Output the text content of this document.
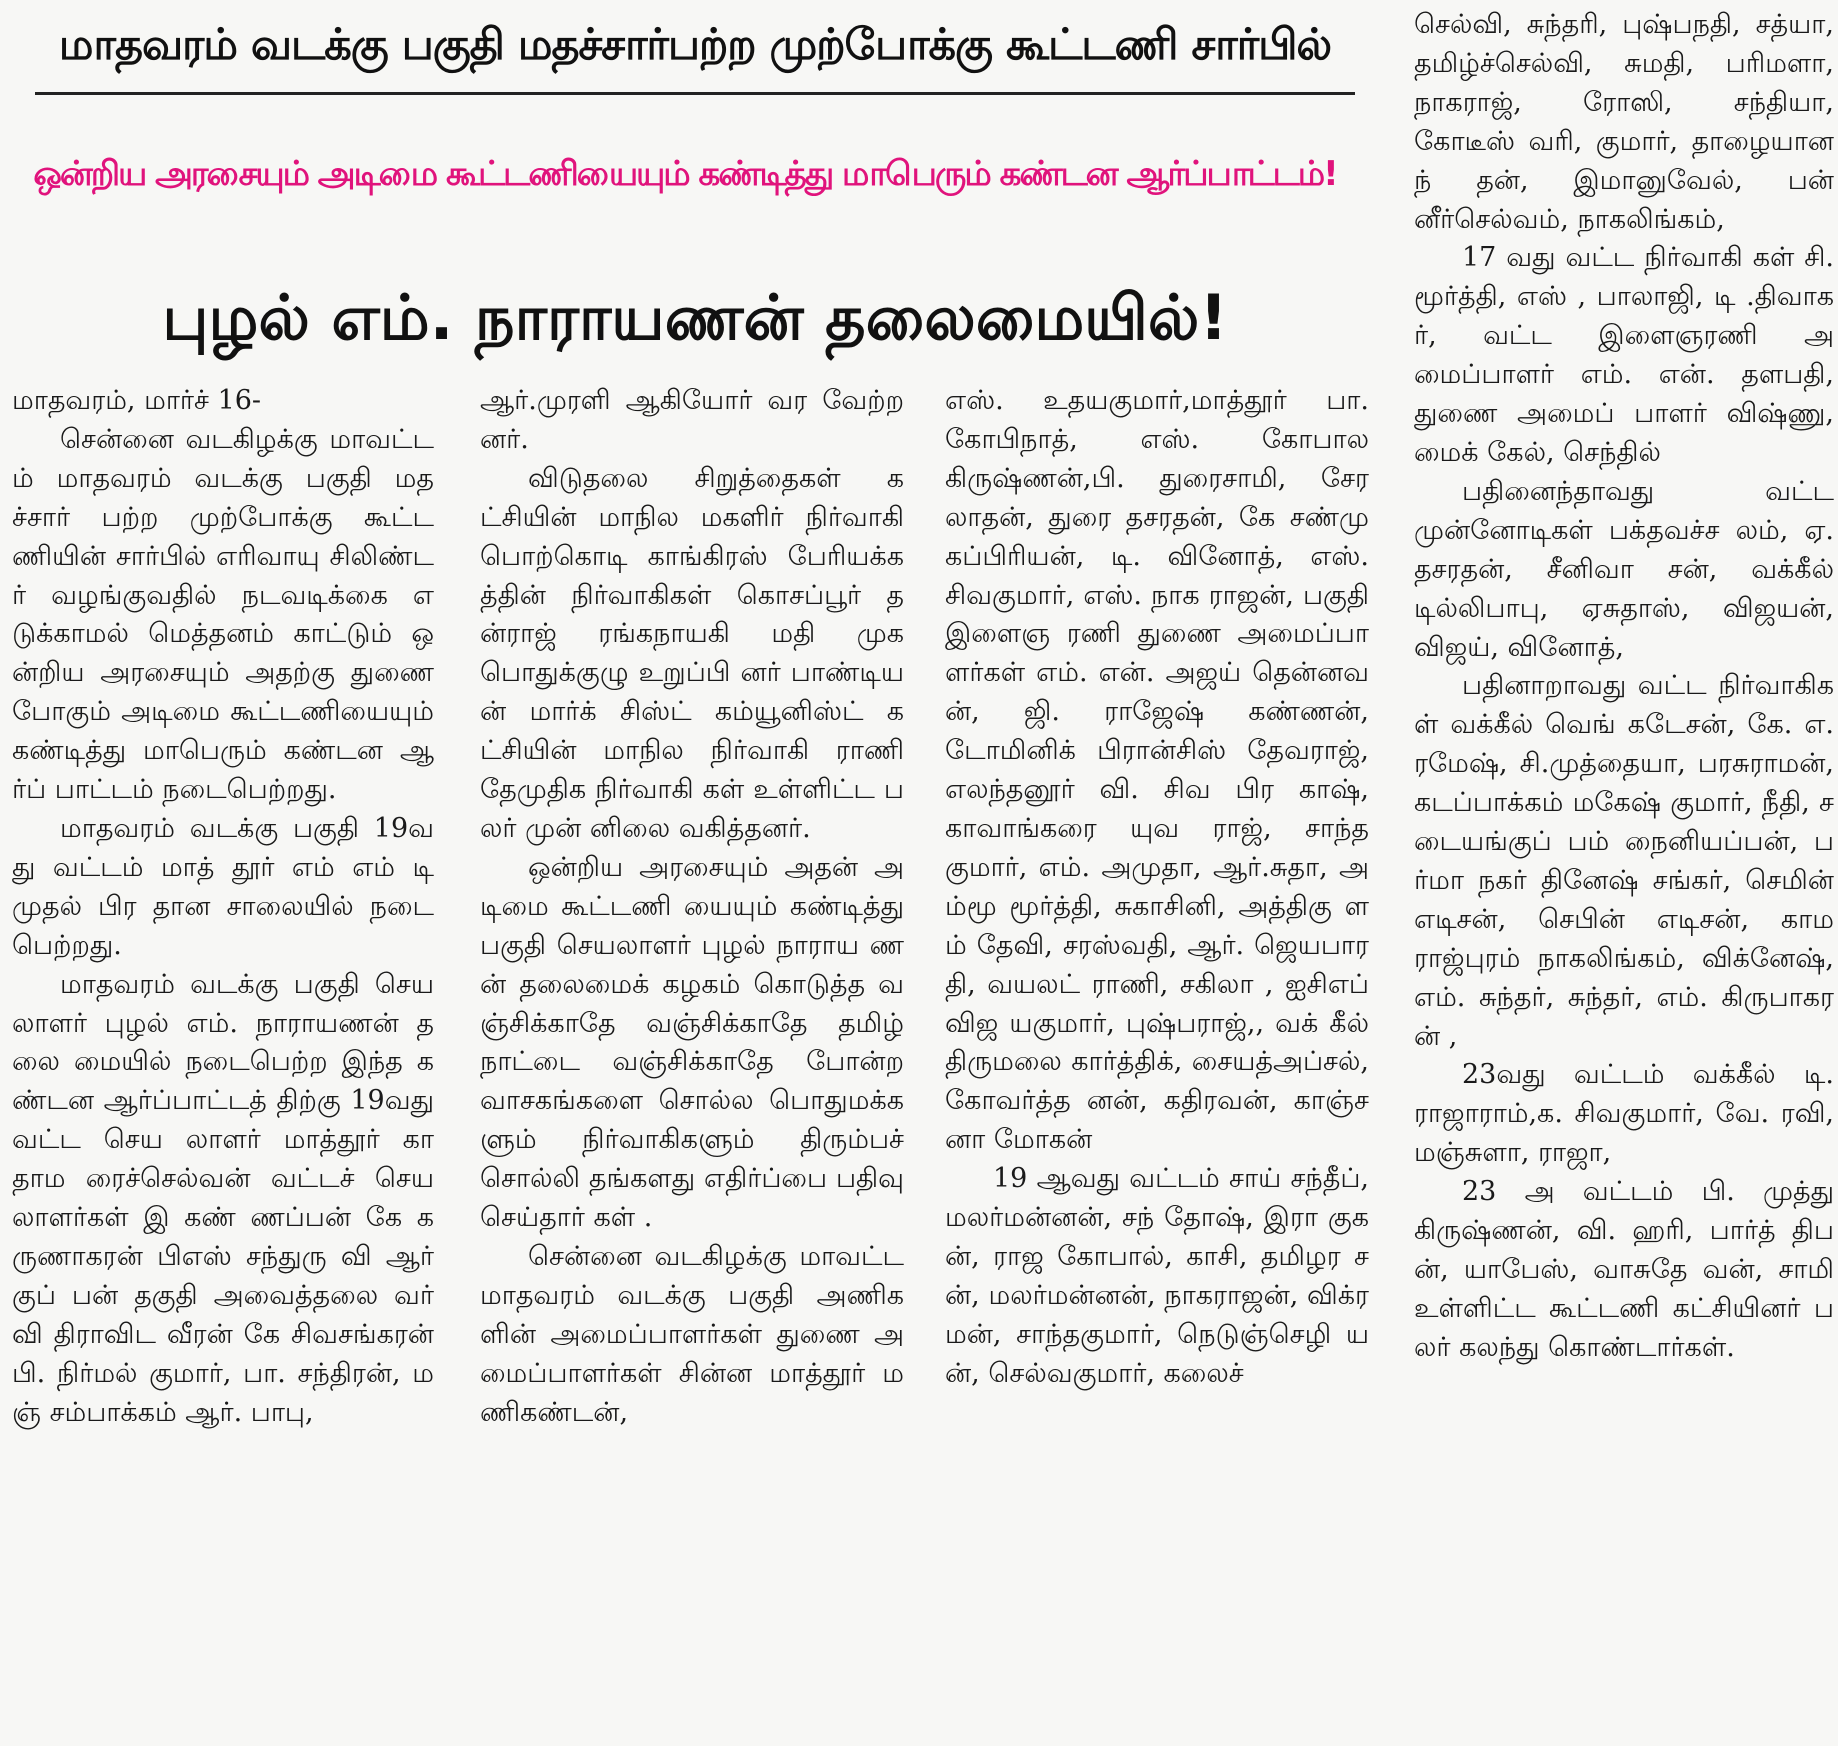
மாதவரம் வடக்கு பகுதி மதச்சார்பற்ற முற்போக்கு கூட்டணி சார்பில்
ஒன்றிய அரசையும் அடிமை கூட்டணியையும் கண்டித்து மாபெரும் கண்டன ஆர்ப்பாட்டம்!
புழல் எம். நாராயணன் தலைமையில்!

மாதவரம், மார்ச் 16-

சென்னை வடகிழக்கு மாவட்டம் மாதவரம் வடக்கு பகுதி மதச்சார் பற்ற முற்போக்கு கூட்டணியின் சார்பில் எரிவாயு சிலிண்டர் வழங்குவதில் நடவடிக்கை எடுக்காமல் மெத்தனம் காட்டும் ஒன்றிய அரசையும் அதற்கு துணை போகும் அடிமை கூட்டணியையும் கண்டித்து மாபெரும் கண்டன ஆர்ப் பாட்டம் நடைபெற்றது.

மாதவரம் வடக்கு பகுதி 19வது வட்டம் மாத் தூர் எம் எம் டி முதல் பிர தான சாலையில் நடை பெற்றது.

மாதவரம் வடக்கு பகுதி செயலாளர் புழல் எம். நாராயணன் தலை மையில் நடைபெற்ற இந்த கண்டன ஆர்ப்பாட்டத் திற்கு 19வது வட்ட செய லாளர் மாத்தூர் கா தாம ரைச்செல்வன் வட்டச் செயலாளர்கள் இ கண் ணப்பன் கே கருணாகரன் பிஎஸ் சந்துரு வி ஆர் குப் பன் தகுதி அவைத்தலை வர் வி திராவிட வீரன் கே சிவசங்கரன் பி. நிர்மல் குமார், பா. சந்திரன், மஞ் சம்பாக்கம் ஆர். பாபு,

ஆர்.முரளி ஆகியோர் வர வேற்றனர்.

விடுதலை சிறுத்தைகள் கட்சியின் மாநில மகளிர் நிர்வாகி பொற்கொடி காங்கிரஸ் பேரியக்கத்தின் நிர்வாகிகள் கொசப்பூர் தன்ராஜ் ரங்கநாயகி மதி முக பொதுக்குழு உறுப்பி னர் பாண்டியன் மார்க் சிஸ்ட் கம்யூனிஸ்ட் கட்சியின் மாநில நிர்வாகி ராணி தேமுதிக நிர்வாகி கள் உள்ளிட்ட பலர் முன் னிலை வகித்தனர்.

ஒன்றிய அரசையும் அதன் அடிமை கூட்டணி யையும் கண்டித்து பகுதி செயலாளர் புழல் நாராய ணன் தலைமைக் கழகம் கொடுத்த வஞ்சிக்காதே வஞ்சிக்காதே தமிழ் நாட்டை வஞ்சிக்காதே போன்ற வாசகங்களை சொல்ல பொதுமக்களும் நிர்வாகிகளும் திரும்பச் சொல்லி தங்களது எதிர்ப்பை பதிவு செய்தார் கள் .

சென்னை வடகிழக்கு மாவட்ட மாதவரம் வடக்கு பகுதி அணிகளின் அமைப்பாளர்கள் துணை அமைப்பாளர்கள் சின்ன மாத்தூர் மணிகண்டன்,

எஸ். உதயகுமார்,மாத்தூர் பா. கோபிநாத், எஸ். கோபாலகிருஷ்ணன்,பி. துரைசாமி, சேரலாதன், துரை தசரதன், கே சண்மு கப்பிரியன், டி. வினோத், எஸ். சிவகுமார், எஸ். நாக ராஜன், பகுதி இளைஞ ரணி துணை அமைப்பா ளர்கள் எம். என். அஜய் தென்னவன், ஜி. ராஜேஷ் கண்ணன், டோமினிக் பிரான்சிஸ் தேவராஜ், எலந்தனூர் வி. சிவ பிர காஷ், காவாங்கரை யுவ ராஜ், சாந்தகுமார், எம். அமுதா, ஆர்.சுதா, அம்மூ மூர்த்தி, சுகாசினி, அத்திகு ளம் தேவி, சரஸ்வதி, ஆர். ஜெயபாரதி, வயலட் ராணி, சகிலா , ஐசிஎப் விஜ யகுமார், புஷ்பராஜ்,, வக் கீல் திருமலை கார்த்திக், சையத்அப்சல், கோவர்த்த னன், கதிரவன், காஞ்சனா மோகன்

19 ஆவது வட்டம் சாய் சந்தீப்,மலர்மன்னன், சந் தோஷ், இரா குகன், ராஜ கோபால், காசி, தமிழர சன், மலர்மன்னன், நாகராஜன், விக்ரமன், சாந்தகுமார், நெடுஞ்செழி யன், செல்வகுமார், கலைச்

செல்வி, சுந்தரி, புஷ்பநதி, சத்யா, தமிழ்ச்செல்வி, சுமதி, பரிமளா, நாகராஜ், ரோஸி, சந்தியா, கோடீஸ் வரி, குமார், தாழையானந் தன், இமானுவேல், பன் னீர்செல்வம், நாகலிங்கம்,

17 வது வட்ட நிர்வாகி கள் சி. மூர்த்தி, எஸ் , பாலாஜி, டி .திவாகர், வட்ட இளைஞரணி அமைப்பாளர் எம். என். தளபதி, துணை அமைப் பாளர் விஷ்ணு, மைக் கேல், செந்தில்

பதினைந்தாவது வட்ட முன்னோடிகள் பக்தவச்ச லம், ஏ. தசரதன், சீனிவா சன், வக்கீல் டில்லிபாபு, ஏசுதாஸ், விஜயன், விஜய், வினோத்,

பதினாறாவது வட்ட நிர்வாகிகள் வக்கீல் வெங் கடேசன், கே. எ. ரமேஷ், சி.முத்தையா, பரசுராமன், கடப்பாக்கம் மகேஷ் குமார், நீதி, சடையங்குப் பம் நைனியப்பன், பர்மா நகர் தினேஷ் சங்கர், செமின் எடிசன், செபின் எடிசன், காமராஜ்புரம் நாகலிங்கம், விக்னேஷ், எம். சுந்தர், சுந்தர், எம். கிருபாகரன் ,

23வது வட்டம் வக்கீல் டி. ராஜாராம்,க. சிவகுமார், வே. ரவி, மஞ்சுளா, ராஜா,

23 அ வட்டம் பி. முத்து கிருஷ்ணன், வி. ஹரி, பார்த் திபன், யாபேஸ், வாசுதே வன், சாமி உள்ளிட்ட கூட்டணி கட்சியினர் பலர் கலந்து கொண்டார்கள்.
